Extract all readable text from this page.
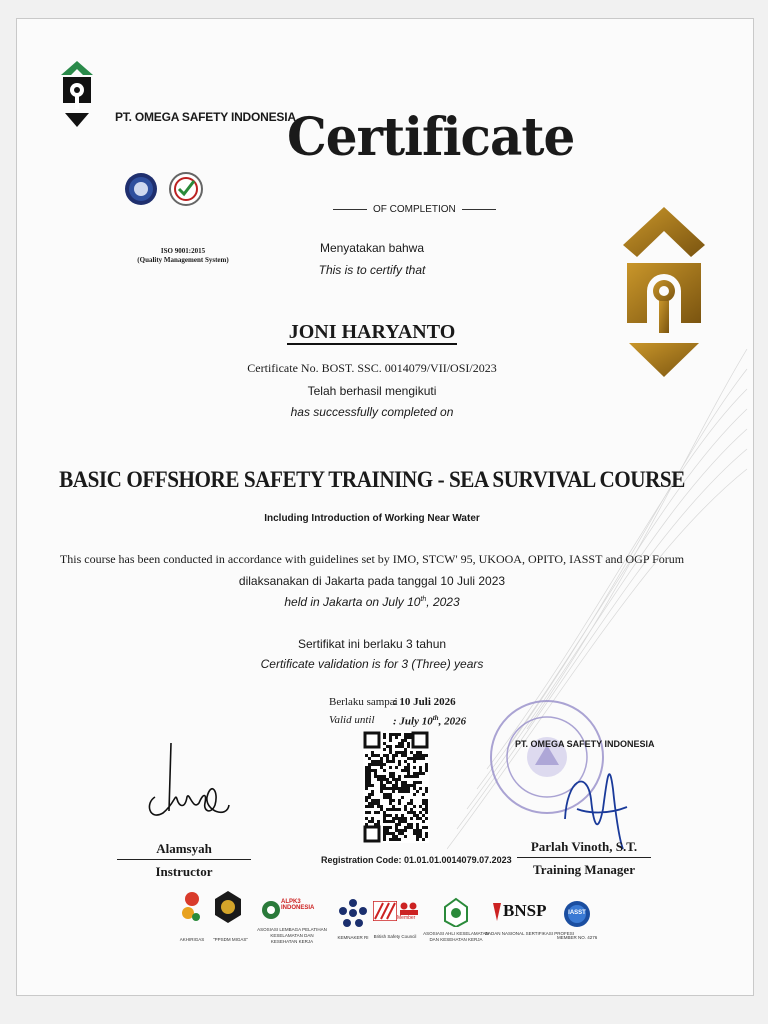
PT. OMEGA SAFETY INDONESIA
ISO 9001:2015
(Quality Management System)
Certificate
OF COMPLETION
Menyatakan bahwa
This is to certify that
JONI HARYANTO
Certificate No. BOST. SSC. 0014079/VII/OSI/2023
Telah berhasil mengikuti
has successfully completed on
BASIC OFFSHORE SAFETY TRAINING - SEA SURVIVAL COURSE
Including Introduction of Working Near Water
This course has been conducted in accordance with guidelines set by IMO, STCW' 95, UKOOA, OPITO, IASST and OGP Forum
dilaksanakan di Jakarta pada tanggal 10 Juli 2023
held in Jakarta on July 10th, 2023
Sertifikat ini berlaku 3 tahun
Certificate validation is for 3 (Three) years
Berlaku sampai
: 10 Juli 2026
Valid until : July 10th, 2026
Registration Code: 01.01.01.0014079.07.2023
PT. OMEGA SAFETY INDONESIA
Alamsyah
Instructor
Parlah Vinoth, S.T.
Training Manager
AKHIRIGAS	"PPSDM MIGAS"
ALPK3 INDONESIA
ASOSIASI LEMBAGA PELATIHAN KESELAMATAN DAN KESEHATAN KERJA
KEMNAKER RI
Member
British Safety Council
ASOSIASI AHLI KESELAMATAN DAN KESEHATAN KERJA
BNSP
BADAN NASIONAL SERTIFIKASI PROFESI
IASST
MEMBER NO. 4276
